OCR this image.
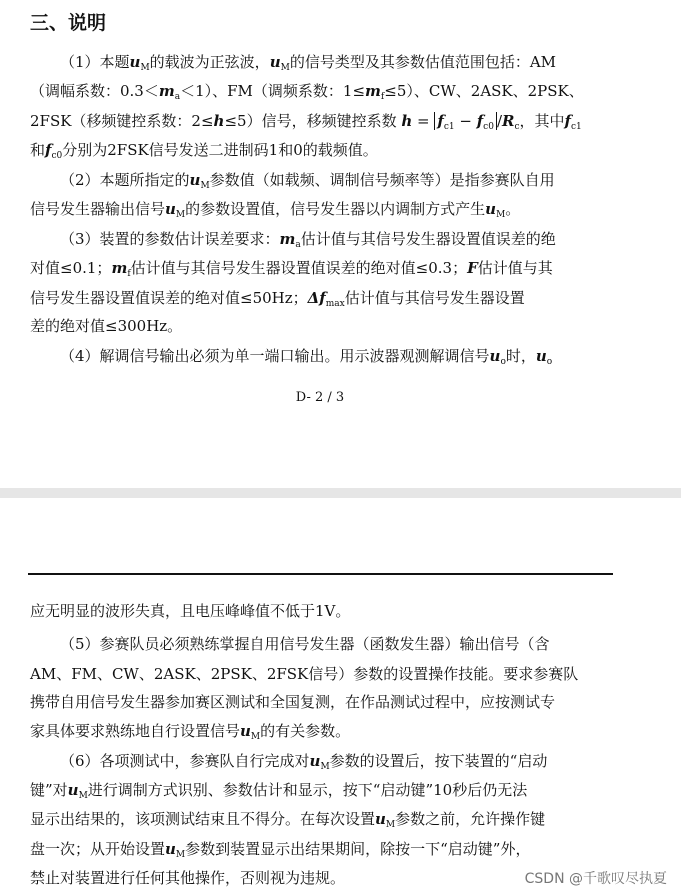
三、说明
（1）本题$u_M$的载波为正弦波，$u_M$的信号类型及其参数估值范围包括：AM
（调幅系数：$0.3<m_a<1$）、FM（调频系数：$1\le m_f\le 5$）、CW、2ASK、2PSK、
2FSK（移频键控系数：2≤h≤5）信号，移频键控系数 $h = f_{c1} - f_{c0}$ $/R_c$，其中$f_{c1}$
和$f_{c0}$分别为2FSK信号发送二进制码1和0的载频值。
（2）本题所指定的$u_M$参数值（如载频、调制信号频率等）是指参赛队自用
信号发生器输出信号$u_M$的参数设置值，信号发生器以内调制方式产生$u_M$。
（3）装置的参数估计误差要求：$m_a$估计值与其信号发生器设置值误差的绝
对值≤0.1；$m_f$估计值与其信号发生器设置值误差的绝对值≤0.3；F估计值与其
信号发生器设置值误差的绝对值≤50Hz；$\Delta f_{max}$估计值与其信号发生器设置
差的绝对值≤300Hz。
（4）解调信号输出必须为单一端口输出。用示波器观测解调信号$u_o$时，$u_o$
D- 2 / 3
应无明显的波形失真，且电压峰峰值不低于1V。
（5）参赛队员必须熟练掌握自用信号发生器（函数发生器）输出信号（含
AM、FM、CW、2ASK、2PSK、2FSK信号）参数的设置操作技能。要求参赛队
携带自用信号发生器参加赛区测试和全国复测，在作品测试过程中，应按测试专
家具体要求熟练地自行设置信号$u_M$的有关参数。
（6）各项测试中，参赛队自行完成对$u_M$参数的设置后，按下装置的“启动
键”对$u_M$进行调制方式识别、参数估计和显示，按下“启动键”10秒后仍无法
显示出结果的，该项测试结束且不得分。在每次设置$u_M$参数之前，允许操作键
盘一次；从开始设置$u_M$参数到装置显示出结果期间，除按一下“启动键”外，
禁止对装置进行任何其他操作，否则视为违规。	CSDN @千歌叹尽执夏
